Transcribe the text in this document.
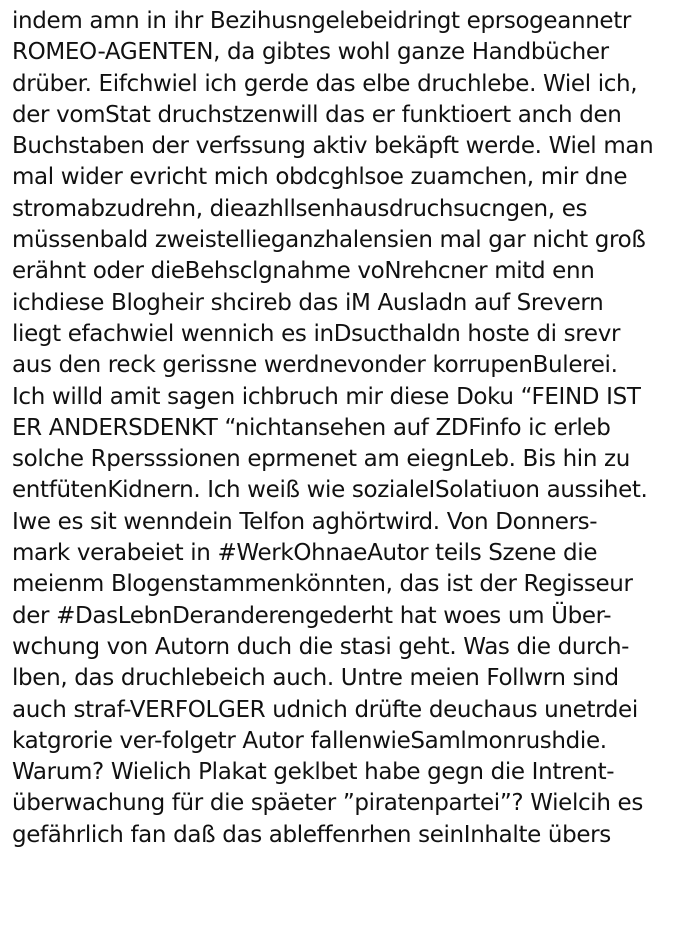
indem amn in ihr Bezihusngelebeidringt eprsogeannetr
ROMEO-AGENTEN, da gibtes wohl ganze Handbücher
drüber. Eifchwiel ich gerde das elbe druchlebe. Wiel ich,
der vomStat druchstzenwill das er funktioert anch den
Buchstaben der verfssung aktiv bekäpft werde. Wiel man
mal wider evricht mich obdcghlsoe zuamchen, mir dne
stromabzudrehn, dieazhllsenhausdruchsucngen, es
müssenbald zweistellieganzhalensien mal gar nicht groß
erähnt oder dieBehsclgnahme voNrehcner mitd enn
ichdiese Blogheir shcireb das iM Ausladn auf Srevern
liegt efachwiel wennich es inDsucthaldn hoste di srevr
aus den reck gerissne werdnevonder korrupenBulerei.
Ich willd amit sagen ichbruch mir diese Doku “FEIND IST
ER ANDERSDENKT “nichtansehen auf ZDFinfo ic erleb
solche Rpersssionen eprmenet am eiegnLeb. Bis hin zu
entfütenKidnern. Ich weiß wie sozialeISolatiuon aussihet.
Iwe es sit wenndein Telfon aghörtwird. Von Donners-
mark verabeiet in #WerkOhnaeAutor teils Szene die
meienm Blogenstammenkönnten, das ist der Regisseur
der #DasLebnDeranderengederht hat woes um Über-
wchung von Autorn duch die stasi geht. Was die durch-
lben, das druchlebeich auch. Untre meien Follwrn sind
auch straf-VERFOLGER udnich drüfte deuchaus unetrdei
katgrorie ver-folgetr Autor fallenwieSamlmonrushdie.
Warum? Wielich Plakat geklbet habe gegn die Intrent-
überwachung für die späeter ”piratenpartei”? Wielcih es
gefährlich fan daß das ableffenrhen seinInhalte übers
